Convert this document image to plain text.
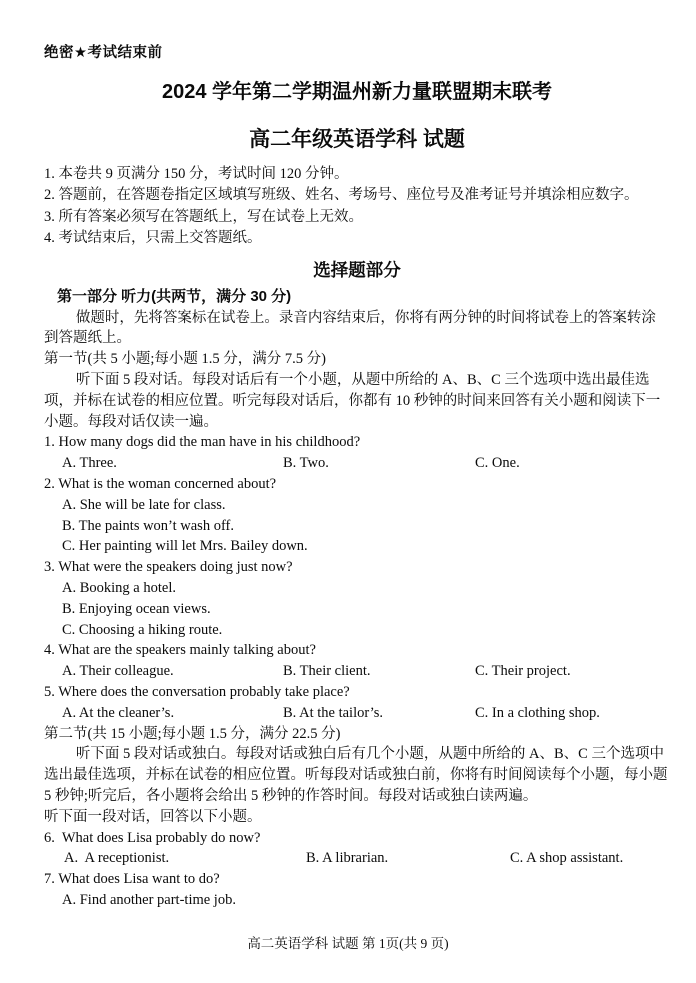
绝密★考试结束前
2024 学年第二学期温州新力量联盟期末联考
高二年级英语学科 试题
1. 本卷共 9 页满分 150 分，考试时间 120 分钟。
2. 答题前，在答题卷指定区域填写班级、姓名、考场号、座位号及准考证号并填涂相应数字。
3. 所有答案必须写在答题纸上，写在试卷上无效。
4. 考试结束后，只需上交答题纸。
选择题部分
第一部分 听力(共两节，满分 30 分)

做题时，先将答案标在试卷上。录音内容结束后，你将有两分钟的时间将试卷上的答案转涂到答题纸上。

第一节(共 5 小题;每小题 1.5 分，满分 7.5 分)

听下面 5 段对话。每段对话后有一个小题，从题中所给的 A、B、C 三个选项中选出最佳选项，并标在试卷的相应位置。听完每段对话后，你都有 10 秒钟的时间来回答有关小题和阅读下一小题。每段对话仅读一遍。

1. How many dogs did the man have in his childhood?
A. Three.	B. Two.	C. One.
2. What is the woman concerned about?
A. She will be late for class.
B. The paints won’t wash off.
C. Her painting will let Mrs. Bailey down.
3. What were the speakers doing just now?
A. Booking a hotel.
B. Enjoying ocean views.
C. Choosing a hiking route.
4. What are the speakers mainly talking about?
A. Their colleague.	B. Their client.	C. Their project.
5. Where does the conversation probably take place?
A. At the cleaner’s.	B. At the tailor’s.	C. In a clothing shop.
第二节(共 15 小题;每小题 1.5 分，满分 22.5 分)

听下面 5 段对话或独白。每段对话或独白后有几个小题，从题中所给的 A、B、C 三个选项中选出最佳选项，并标在试卷的相应位置。听每段对话或独白前，你将有时间阅读每个小题，每小题 5 秒钟;听完后，各小题将会给出 5 秒钟的作答时间。每段对话或独白读两遍。

听下面一段对话，回答以下小题。
6.  What does Lisa probably do now?
A.  A receptionist.	B. A librarian.	C. A shop assistant.
7. What does Lisa want to do?
A. Find another part-time job.
高二英语学科 试题 第 1页(共 9 页)
